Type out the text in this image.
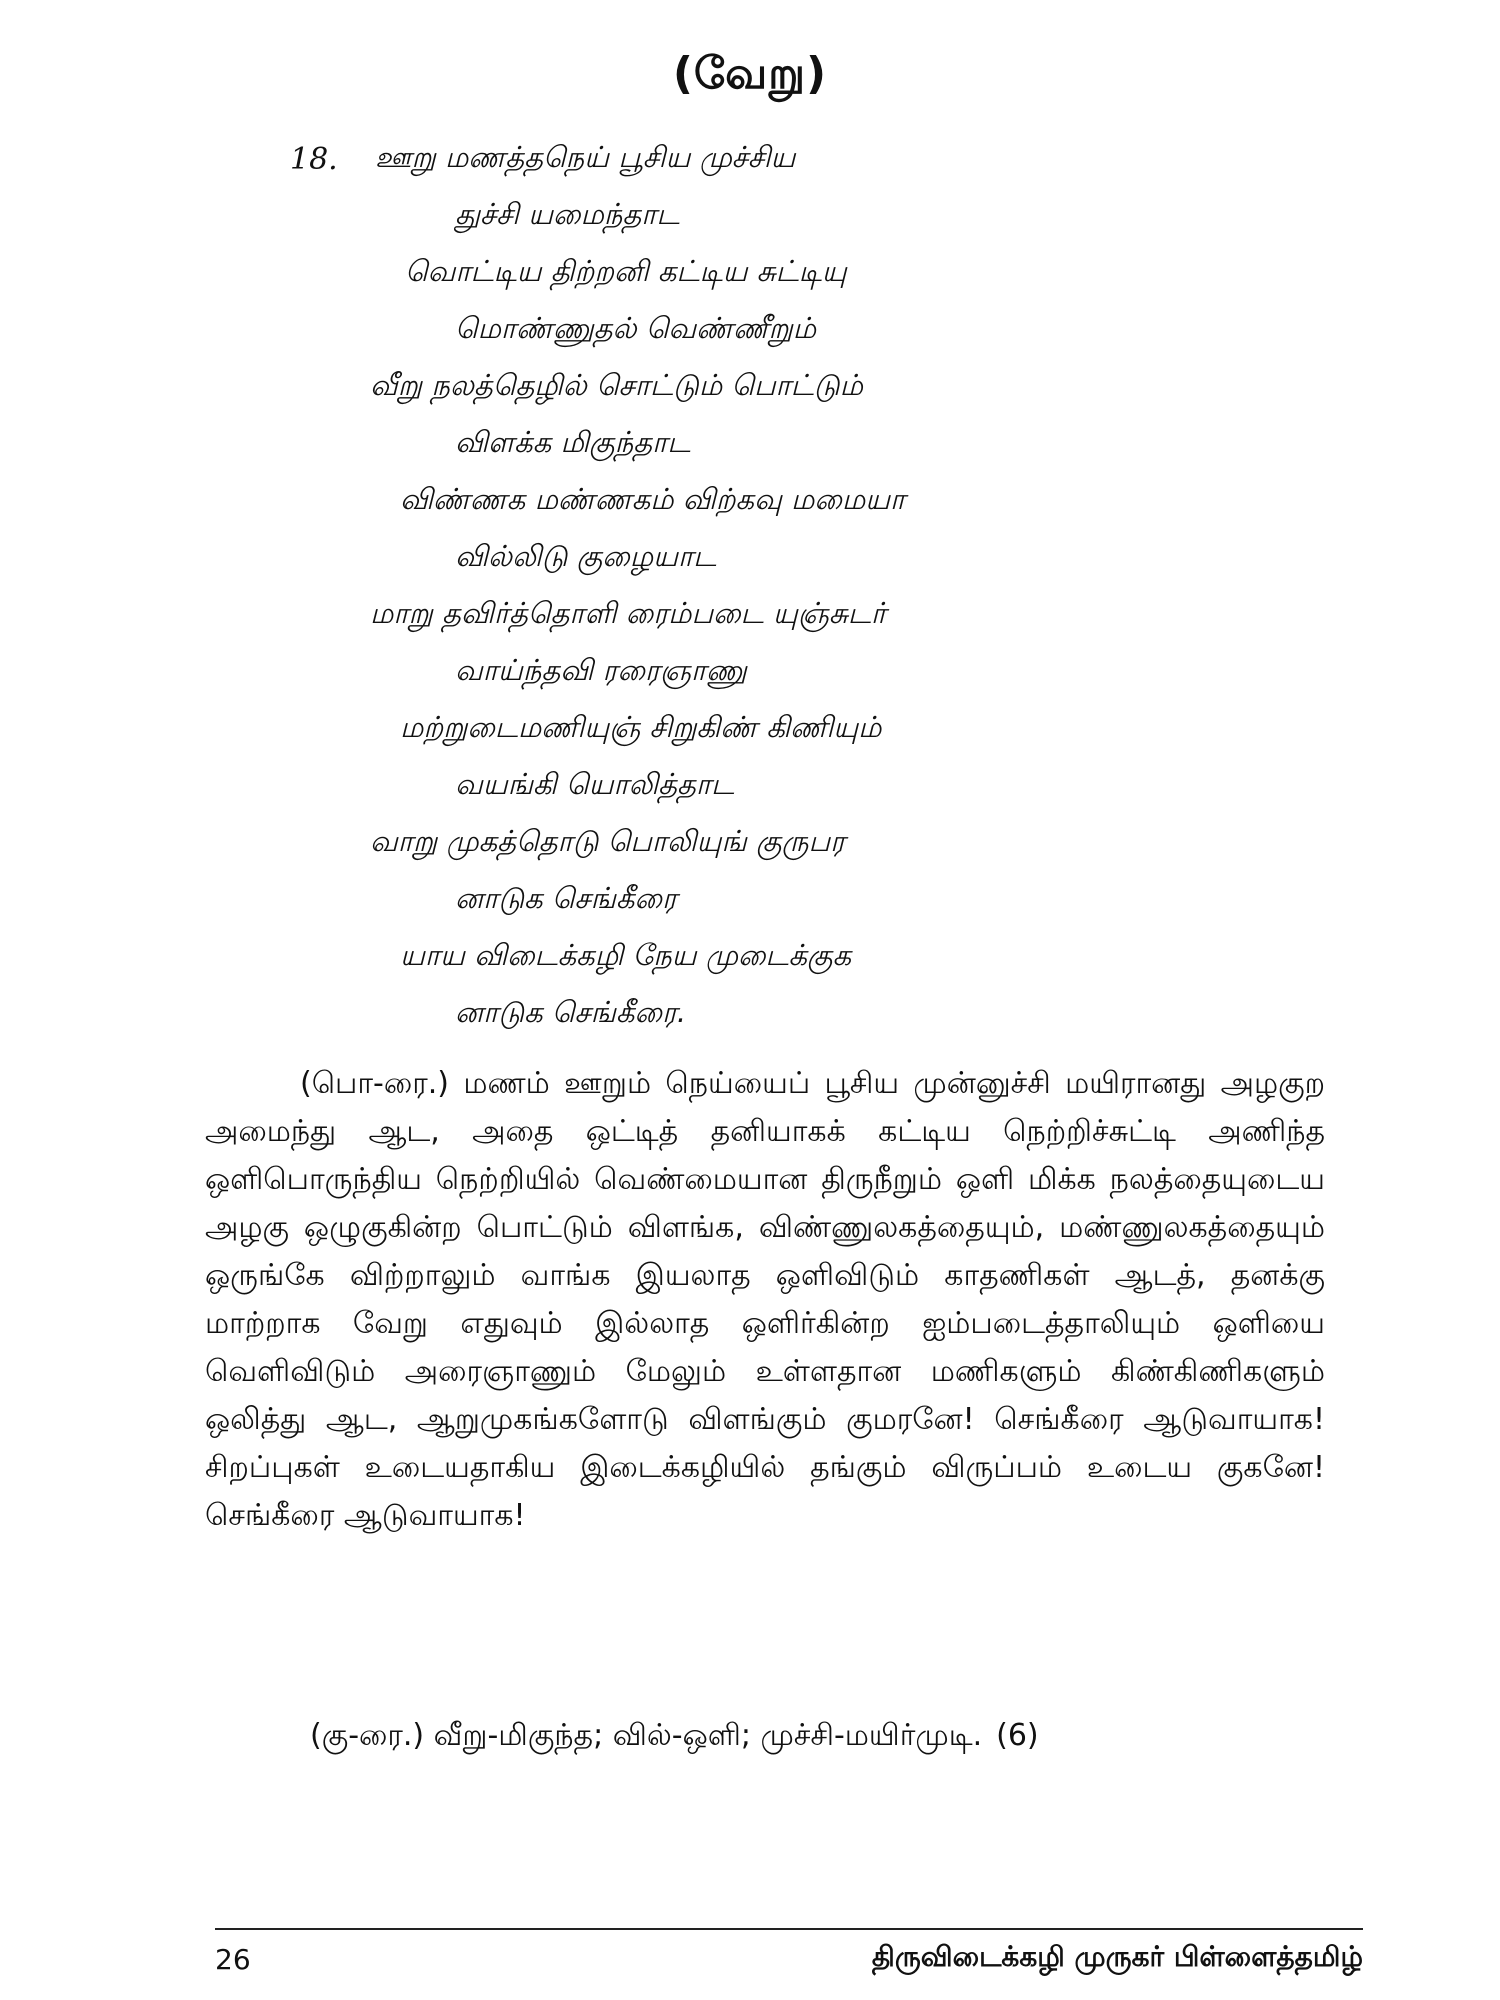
(வேறு)
18. ஊறு மணத்தநெய் பூசிய முச்சிய
துச்சி யமைந்தாட
வொட்டிய திற்றனி கட்டிய சுட்டியு
மொண்ணுதல் வெண்ணீறும்
வீறு நலத்தெழில் சொட்டும் பொட்டும்
விளக்க மிகுந்தாட
விண்ணக மண்ணகம் விற்கவு மமையா
வில்லிடு குழையாட
மாறு தவிர்த்தொளி ரைம்படை யுஞ்சுடர்
வாய்ந்தவி ரரைஞாணு
மற்றுடைமணியுஞ் சிறுகிண் கிணியும்
வயங்கி யொலித்தாட
வாறு முகத்தொடு பொலியுங் குருபர
னாடுக செங்கீரை
யாய விடைக்கழி நேய முடைக்குக
னாடுக செங்கீரை.

(பொ-ரை.) மணம் ஊறும் நெய்யைப் பூசிய முன்னுச்சி மயிரானது அழகுற அமைந்து ஆட, அதை ஒட்டித் தனியாகக் கட்டிய நெற்றிச்சுட்டி அணிந்த ஒளிபொருந்திய நெற்றியில் வெண்மையான திருநீறும் ஒளி மிக்க நலத்தையுடைய அழகு ஒழுகுகின்ற பொட்டும் விளங்க, விண்ணுலகத்தையும், மண்ணுலகத்தையும் ஒருங்கே விற்றாலும் வாங்க இயலாத ஒளிவிடும் காதணிகள் ஆடத், தனக்கு மாற்றாக வேறு எதுவும் இல்லாத ஒளிர்கின்ற ஐம்படைத்தாலியும் ஒளியை வெளிவிடும் அரைஞாணும் மேலும் உள்ளதான மணிகளும் கிண்கிணிகளும் ஒலித்து ஆட, ஆறுமுகங்களோடு விளங்கும் குமரனே! செங்கீரை ஆடுவாயாக! சிறப்புகள் உடையதாகிய இடைக்கழியில் தங்கும் விருப்பம் உடைய குகனே! செங்கீரை ஆடுவாயாக!

(கு-ரை.) வீறு-மிகுந்த; வில்-ஒளி; முச்சி-மயிர்முடி. (6)
26	திருவிடைக்கழி முருகர் பிள்ளைத்தமிழ்
